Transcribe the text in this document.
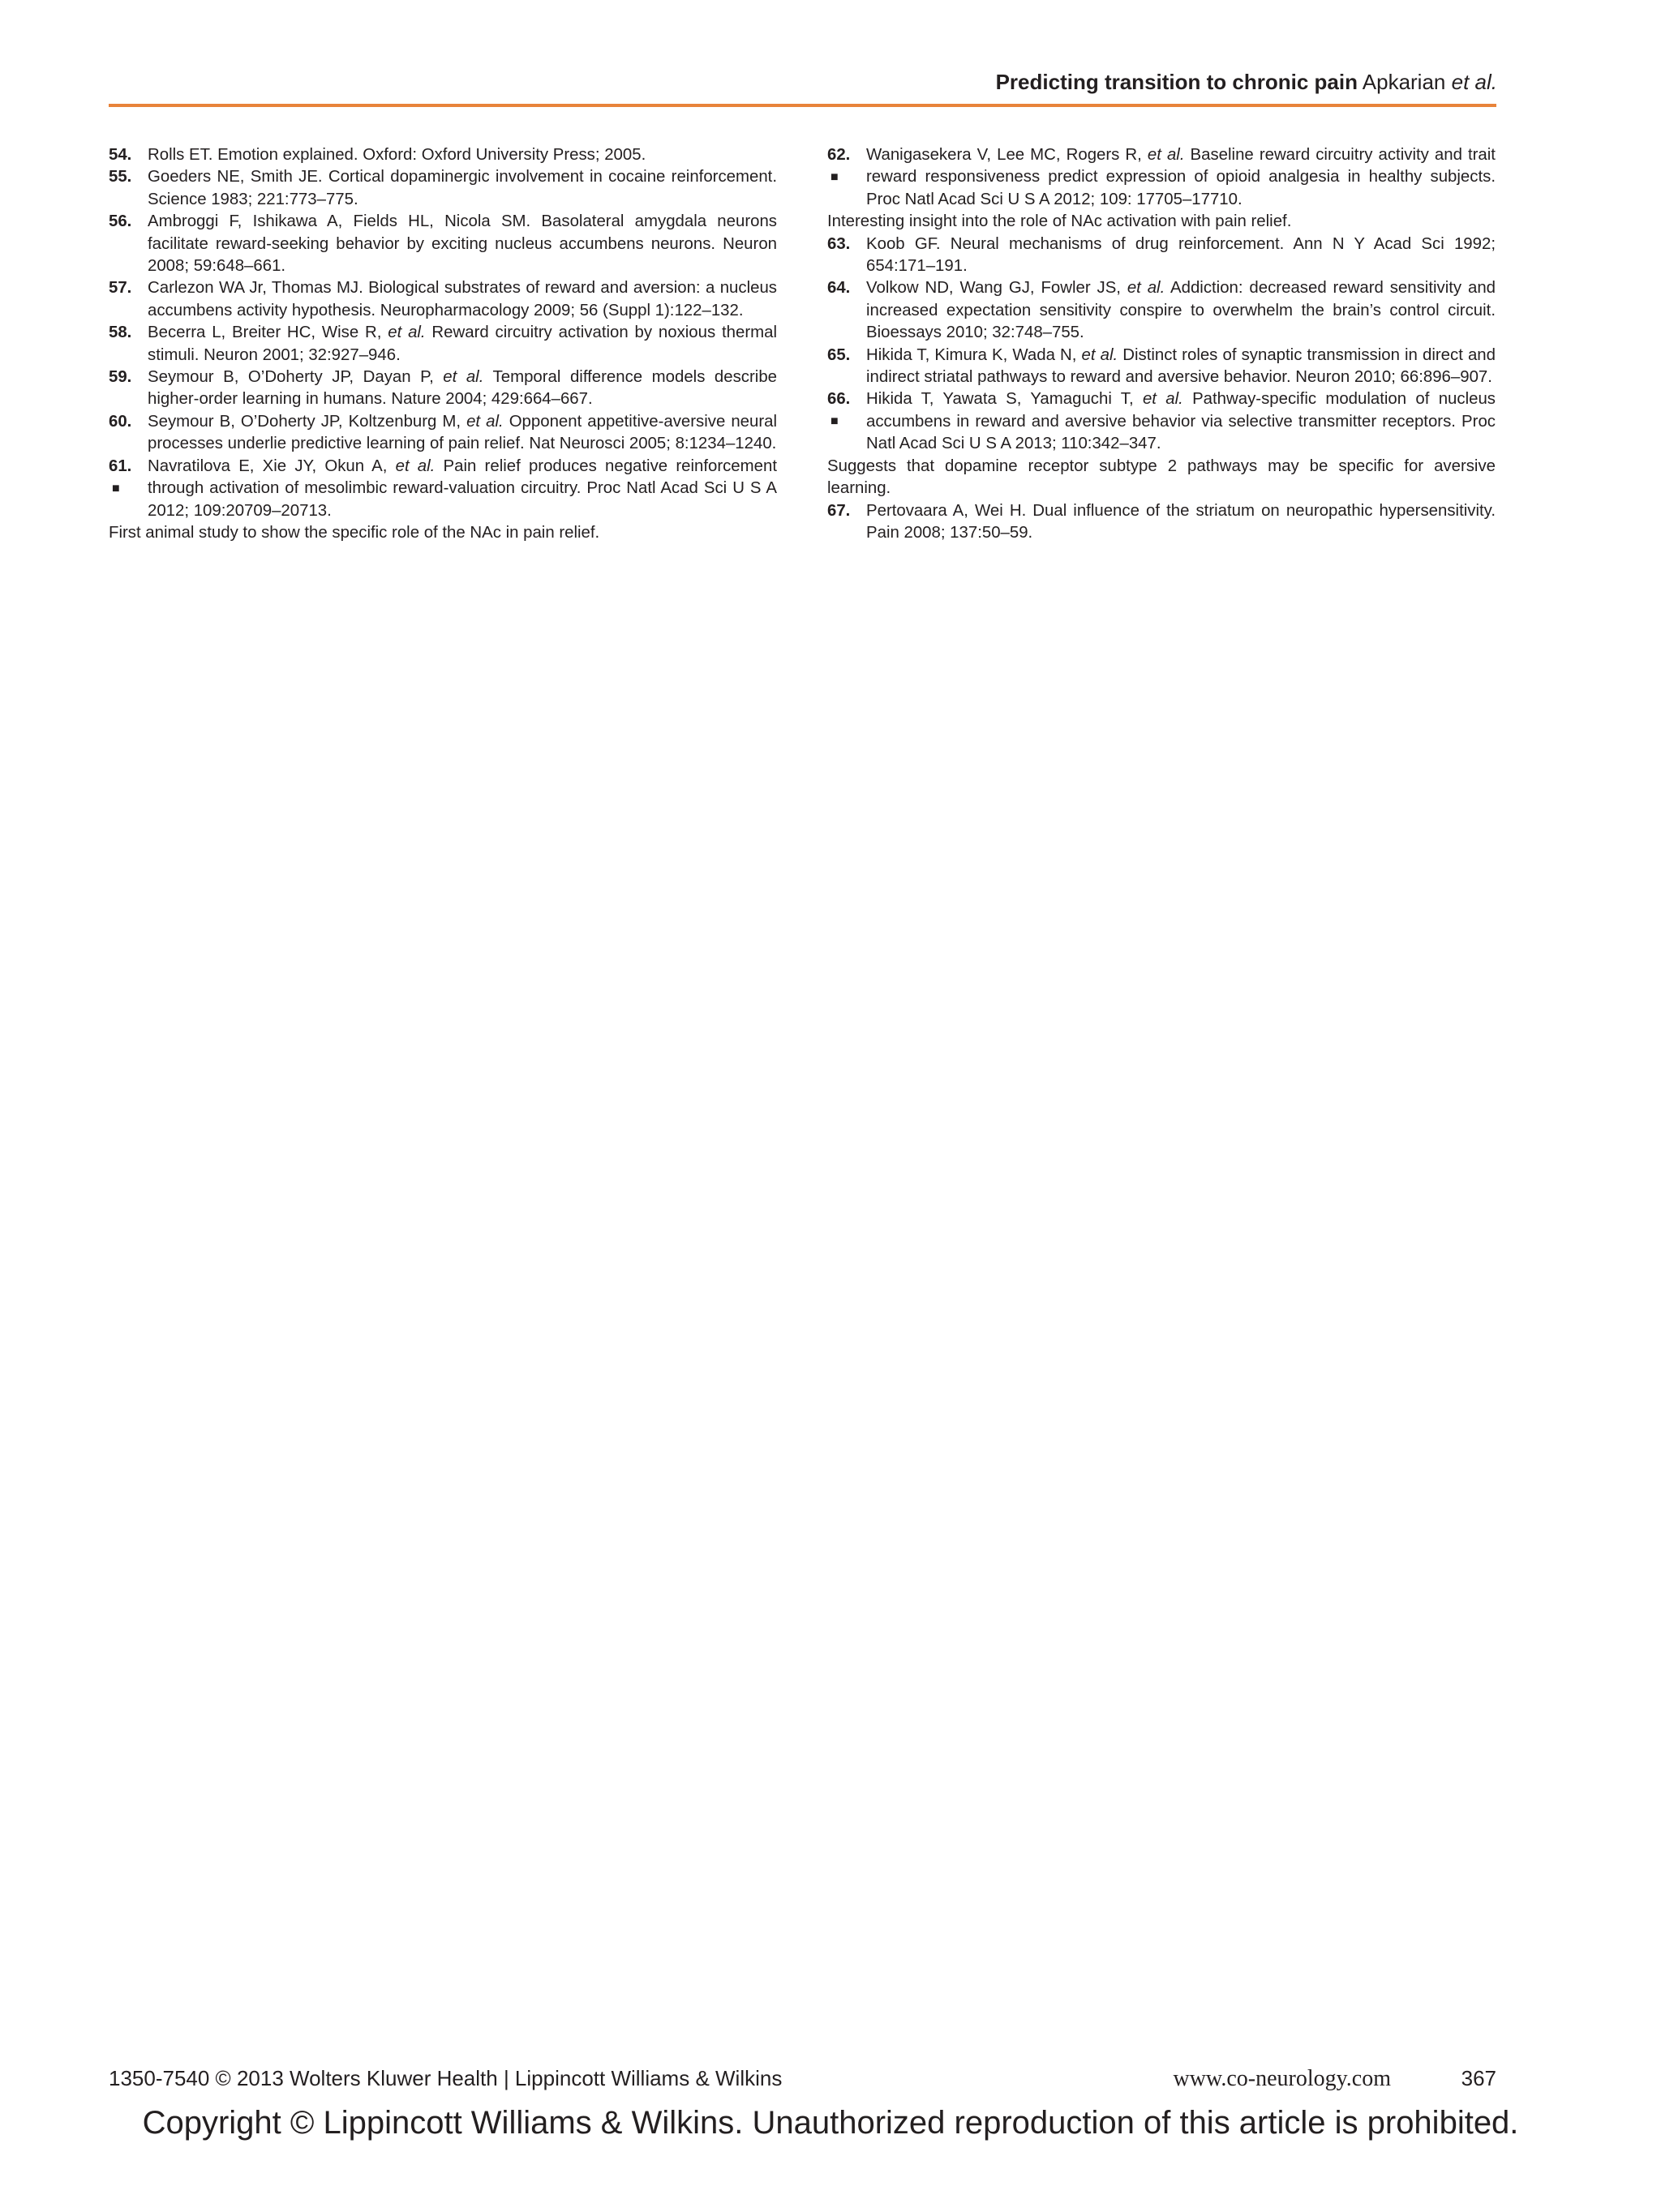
Predicting transition to chronic pain Apkarian et al.
54. Rolls ET. Emotion explained. Oxford: Oxford University Press; 2005.
55. Goeders NE, Smith JE. Cortical dopaminergic involvement in cocaine reinforcement. Science 1983; 221:773–775.
56. Ambroggi F, Ishikawa A, Fields HL, Nicola SM. Basolateral amygdala neurons facilitate reward-seeking behavior by exciting nucleus accumbens neurons. Neuron 2008; 59:648–661.
57. Carlezon WA Jr, Thomas MJ. Biological substrates of reward and aversion: a nucleus accumbens activity hypothesis. Neuropharmacology 2009; 56 (Suppl 1):122–132.
58. Becerra L, Breiter HC, Wise R, et al. Reward circuitry activation by noxious thermal stimuli. Neuron 2001; 32:927–946.
59. Seymour B, O’Doherty JP, Dayan P, et al. Temporal difference models describe higher-order learning in humans. Nature 2004; 429:664–667.
60. Seymour B, O’Doherty JP, Koltzenburg M, et al. Opponent appetitive-aversive neural processes underlie predictive learning of pain relief. Nat Neurosci 2005; 8:1234–1240.
61.
■
Navratilova E, Xie JY, Okun A, et al. Pain relief produces negative reinforcement through activation of mesolimbic reward-valuation circuitry. Proc Natl Acad Sci U S A 2012; 109:20709–20713.
First animal study to show the specific role of the NAc in pain relief.
62.
■
Wanigasekera V, Lee MC, Rogers R, et al. Baseline reward circuitry activity and trait reward responsiveness predict expression of opioid analgesia in healthy subjects. Proc Natl Acad Sci U S A 2012; 109: 17705–17710.
Interesting insight into the role of NAc activation with pain relief.
63. Koob GF. Neural mechanisms of drug reinforcement. Ann N Y Acad Sci 1992; 654:171–191.
64. Volkow ND, Wang GJ, Fowler JS, et al. Addiction: decreased reward sensitivity and increased expectation sensitivity conspire to overwhelm the brain’s control circuit. Bioessays 2010; 32:748–755.
65. Hikida T, Kimura K, Wada N, et al. Distinct roles of synaptic transmission in direct and indirect striatal pathways to reward and aversive behavior. Neuron 2010; 66:896–907.
66.
■
Hikida T, Yawata S, Yamaguchi T, et al. Pathway-specific modulation of nucleus accumbens in reward and aversive behavior via selective transmitter receptors. Proc Natl Acad Sci U S A 2013; 110:342–347.
Suggests that dopamine receptor subtype 2 pathways may be specific for aversive learning.
67. Pertovaara A, Wei H. Dual influence of the striatum on neuropathic hypersensitivity. Pain 2008; 137:50–59.
1350-7540 © 2013 Wolters Kluwer Health | Lippincott Williams & Wilkins	www.co-neurology.com	367
Copyright © Lippincott Williams & Wilkins. Unauthorized reproduction of this article is prohibited.
